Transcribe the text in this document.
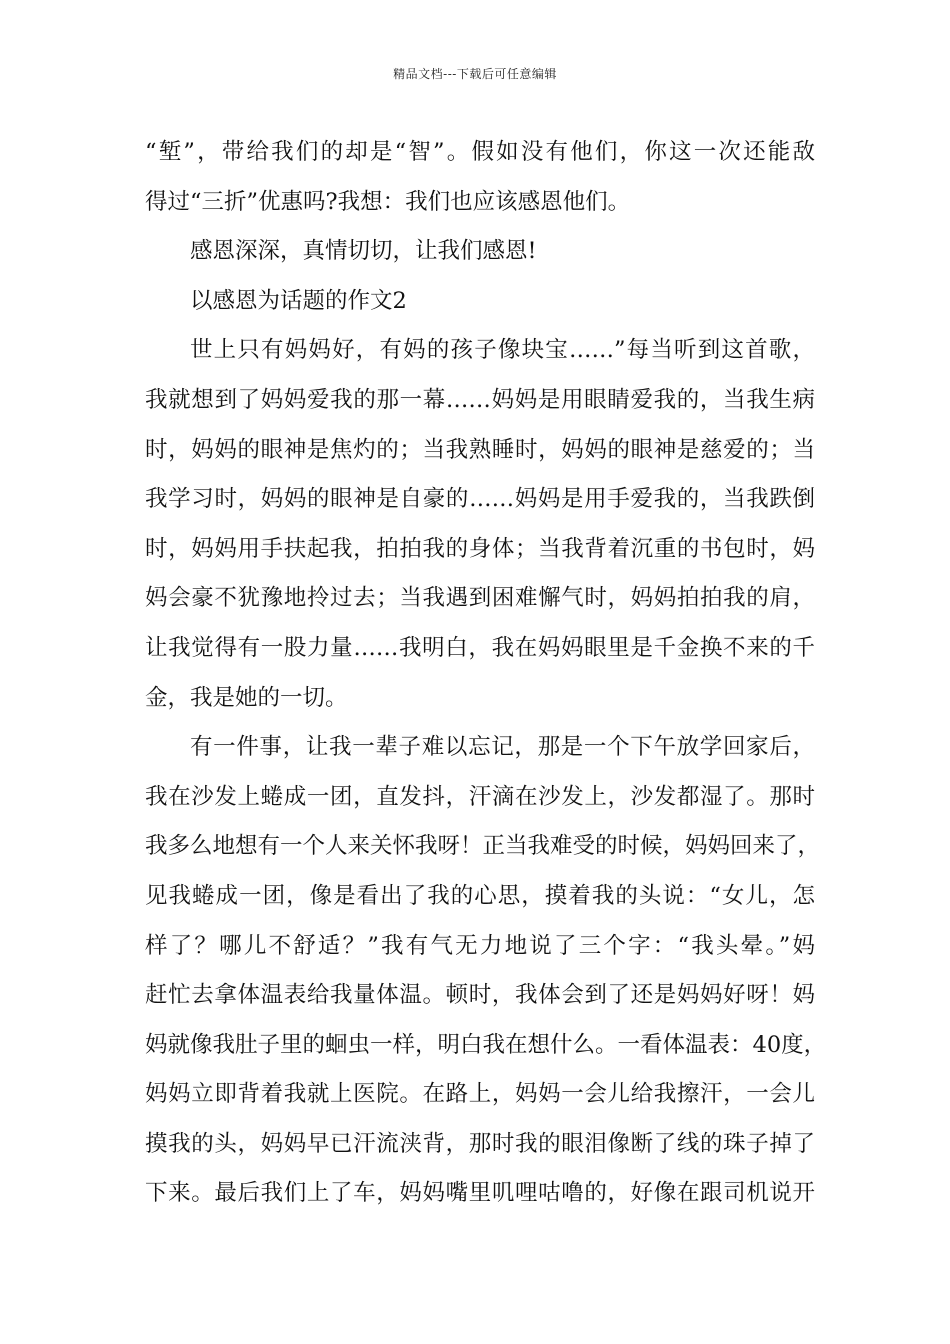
精品文档---下载后可任意编辑
“堑”，带给我们的却是“智”。假如没有他们，你这一次还能敌
得过“三折”优惠吗?我想：我们也应该感恩他们。
感恩深深，真情切切，让我们感恩!
以感恩为话题的作文2
世上只有妈妈好，有妈的孩子像块宝……”每当听到这首歌，
我就想到了妈妈爱我的那一幕……妈妈是用眼睛爱我的，当我生病
时，妈妈的眼神是焦灼的；当我熟睡时，妈妈的眼神是慈爱的；当
我学习时，妈妈的眼神是自豪的……妈妈是用手爱我的，当我跌倒
时，妈妈用手扶起我，拍拍我的身体；当我背着沉重的书包时，妈
妈会豪不犹豫地拎过去；当我遇到困难懈气时，妈妈拍拍我的肩，
让我觉得有一股力量……我明白，我在妈妈眼里是千金换不来的千
金，我是她的一切。
有一件事，让我一辈子难以忘记，那是一个下午放学回家后，
我在沙发上蜷成一团，直发抖，汗滴在沙发上，沙发都湿了。那时
我多么地想有一个人来关怀我呀！正当我难受的时候，妈妈回来了，
见我蜷成一团，像是看出了我的心思，摸着我的头说：“女儿，怎
样了？哪儿不舒适？”我有气无力地说了三个字：“我头晕。”妈
赶忙去拿体温表给我量体温。顿时，我体会到了还是妈妈好呀！妈
妈就像我肚子里的蛔虫一样，明白我在想什么。一看体温表：40度，
妈妈立即背着我就上医院。在路上，妈妈一会儿给我擦汗，一会儿
摸我的头，妈妈早已汗流浃背，那时我的眼泪像断了线的珠子掉了
下来。最后我们上了车，妈妈嘴里叽哩咕噜的，好像在跟司机说开
